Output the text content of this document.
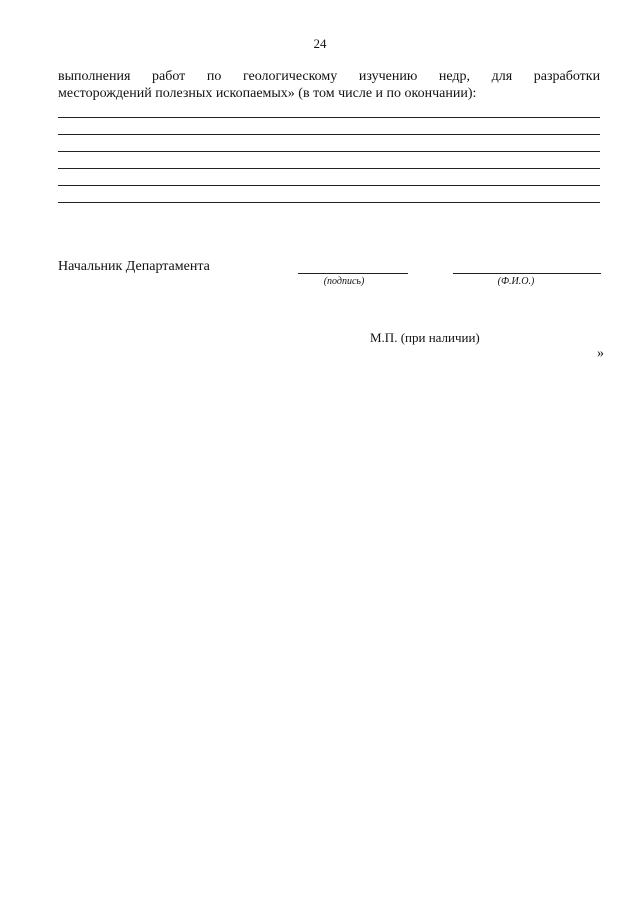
24
выполнения работ по геологическому изучению недр, для разработки
месторождений полезных ископаемых» (в том числе и по окончании):
Начальник Департамента
(подпись)	(Ф.И.О.)
М.П. (при наличии)
»
